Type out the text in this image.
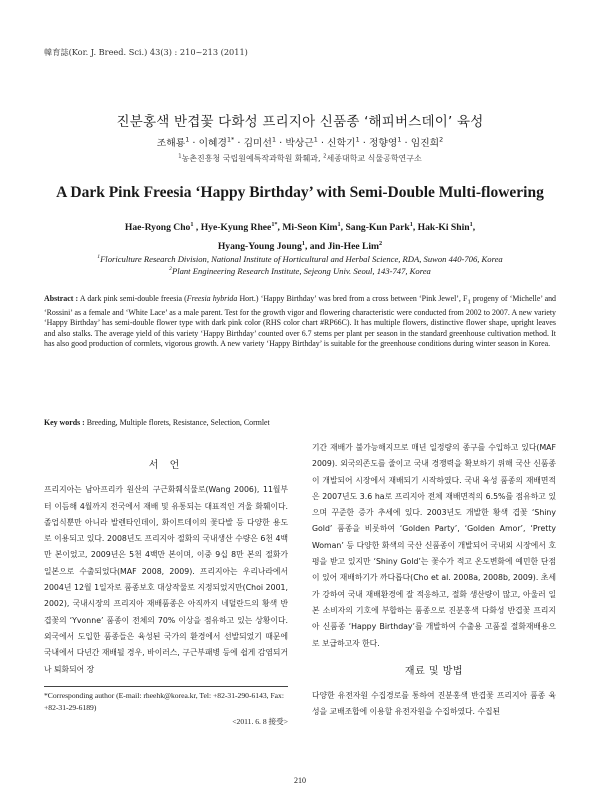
韓育誌(Kor. J. Breed. Sci.) 43(3) : 210~213 (2011)
진분홍색 반겹꽃 다화성 프리지아 신품종 ‘해피버스데이’ 육성
조해룡$^1$ · 이혜경$^{1*}$ · 김미선$^1$ · 박상근$^1$ · 신학기$^1$ · 정향영$^1$ · 임진희$^2$
$^1$농촌진흥청 국립원예특작과학원 화훼과, $^2$세종대학교 식물공학연구소
A Dark Pink Freesia ‘Happy Birthday’ with Semi-Double Multi-flowering
Hae-Ryong Cho$^1$ , Hye-Kyung Rhee$^{1*}$, Mi-Seon Kim$^1$, Sang-Kun Park$^1$, Hak-Ki Shin$^1$,
Hyang-Young Joung$^1$, and Jin-Hee Lim$^2$
$^1$Floriculture Research Division, National Institute of Horticultural and Herbal Science, RDA, Suwon 440-706, Korea
$^2$Plant Engineering Research Institute, Sejeong Univ. Seoul, 143-747, Korea
Abstract : A dark pink semi-double freesia (Freesia hybrida Hort.) ‘Happy Birthday’ was bred from a cross between ‘Pink Jewel’, $F_1$ progeny of ‘Michelle’ and ‘Rossini’ as a female and ‘White Lace’ as a male parent. Test for the growth vigor and flowering characteristic were conducted from 2002 to 2007. A new variety ‘Happy Birthday’ has semi-double flower type with dark pink color (RHS color chart #RP66C). It has multiple flowers, distinctive flower shape, upright leaves and also stalks. The average yield of this variety ‘Happy Birthday’ counted over 6.7 stems per plant per season in the standard greenhouse cultivation method. It has also good production of cormlets, vigorous growth. A new variety ‘Happy Birthday’ is suitable for the greenhouse conditions during winter season in Korea.
Key words : Breeding, Multiple florets, Resistance, Selection, Cormlet
서 언

프리지아는 남아프리카 원산의 구근화훼식물로(Wang 2006), 11월부터 이듬해 4월까지 전국에서 재배 및 유통되는 대표적인 겨울 화훼이다. 졸업식뿐만 아니라 발렌타인데이, 화이트데이의 꽃다발 등 다양한 용도로 이용되고 있다. 2008년도 프리지아 절화의 국내생산 수량은 6천 4백만 본이었고, 2009년은 5천 4백만 본이며, 이중 9십 8만 본의 절화가 일본으로 수출되었다(MAF 2008, 2009). 프리지아는 우리나라에서 2004년 12월 1일자로 품종보호 대상작물로 지정되었지만(Choi 2001, 2002), 국내시장의 프리지아 재배품종은 아직까지 네덜란드의 황색 반겹꽃의 ‘Yvonne’ 품종이 전체의 70% 이상을 점유하고 있는 상황이다. 외국에서 도입한 품종들은 육성된 국가의 환경에서 선발되었기 때문에 국내에서 다년간 재배될 경우, 바이러스, 구근부패병 등에 쉽게 감염되거나 퇴화되어 장

기간 재배가 불가능해지므로 매년 일정량의 종구를 수입하고 있다(MAF 2009). 외국의존도를 줄이고 국내 경쟁력을 확보하기 위해 국산 신품종이 개발되어 시장에서 재배되기 시작하였다. 국내 육성 품종의 재배면적은 2007년도 3.6 ha로 프리지아 전체 재배면적의 6.5%를 점유하고 있으며 꾸준한 증가 추세에 있다. 2003년도 개발한 황색 겹꽃 ‘Shiny Gold’ 품종을 비롯하여 ‘Golden Party’, ‘Golden Amor’, ‘Pretty Woman’ 등 다양한 화색의 국산 신품종이 개발되어 국내외 시장에서 호평을 받고 있지만 ‘Shiny Gold’는 꽃수가 적고 온도변화에 예민한 단점이 있어 재배하기가 까다롭다(Cho et al. 2008a, 2008b, 2009). 초세가 강하여 국내 재배환경에 잘 적응하고, 절화 생산량이 많고, 아울러 일본 소비자의 기호에 부합하는 품종으로 진분홍색 다화성 반겹꽃 프리지아 신품종 ‘Happy Birthday’를 개발하여 수출용 고품질 절화재배용으로 보급하고자 한다.

재료 및 방법

다양한 유전자원 수집경로를 통하여 진분홍색 반겹꽃 프리지아 품종 육성을 교배조합에 이용할 유전자원을 수집하였다. 수집된

*Corresponding author (E-mail: rheehk@korea.kr, Tel: +82-31-290-6143, Fax: +82-31-29-6189)
<2011. 6. 8 接受>
210
